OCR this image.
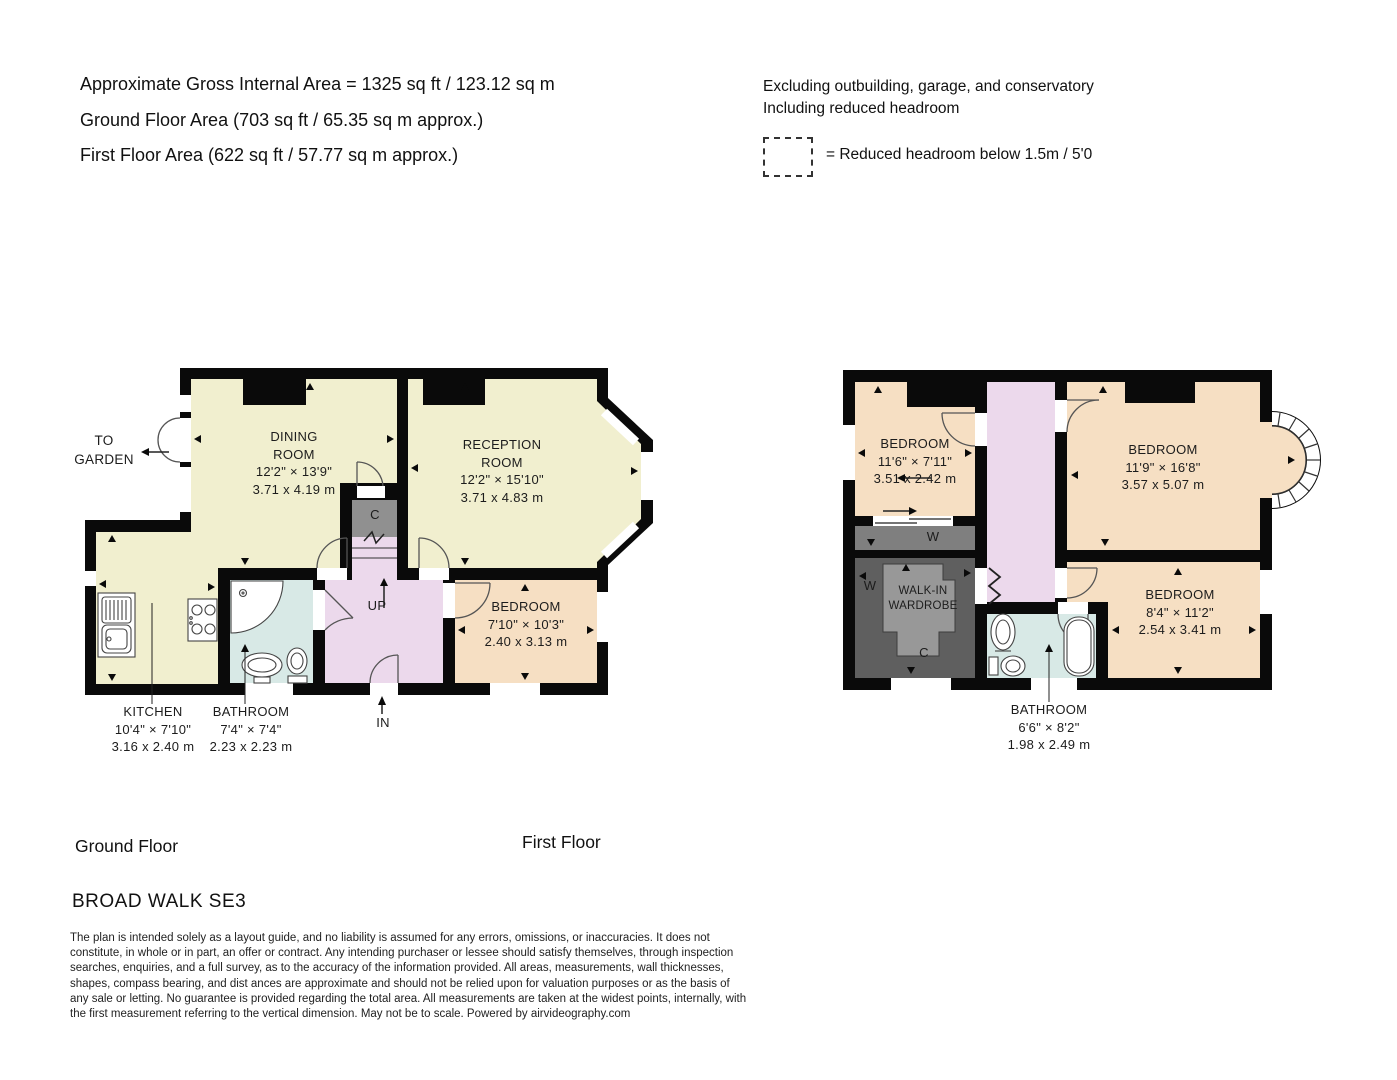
Approximate Gross Internal Area = 1325 sq ft / 123.12 sq m
Ground Floor Area (703 sq ft / 65.35 sq m approx.)
First Floor Area (622 sq ft / 57.77 sq m approx.)
Excluding outbuilding, garage, and conservatory
Including reduced headroom
= Reduced headroom below 1.5m / 5'0
TO
GARDEN
DINING
ROOM
12'2" × 13'9"
3.71 x 4.19 m
RECEPTION
ROOM
12'2" × 15'10"
3.71 x 4.83 m
BEDROOM
7'10" × 10'3"
2.40 x 3.13 m
C
UP
IN
KITCHEN
10'4" × 7'10"
3.16 x 2.40 m
BATHROOM
7'4" × 7'4"
2.23 x 2.23 m
Ground Floor
BEDROOM
11'6" × 7'11"
3.51 x 2.42 m
BEDROOM
11'9" × 16'8"
3.57 x 5.07 m
BEDROOM
8'4" × 11'2"
2.54 x 3.41 m
W
W	WALK-IN
WARDROBE
C
BATHROOM
6'6" × 8'2"
1.98 x 2.49 m
First Floor
BROAD WALK SE3
The plan is intended solely as a layout guide, and no liability is assumed for any errors, omissions, or inaccuracies. It does not constitute, in whole or in part, an offer or contract. Any intending purchaser or lessee should satisfy themselves, through inspection searches, enquiries, and a full survey, as to the accuracy of the information provided. All areas, measurements, wall thicknesses, shapes, compass bearing, and dist ances are approximate and should not be relied upon for valuation purposes or as the basis of any sale or letting. No guarantee is provided regarding the total area. All measurements are taken at the widest points, internally, with the first measurement referring to the vertical dimension. May not be to scale. Powered by airvideography.com
